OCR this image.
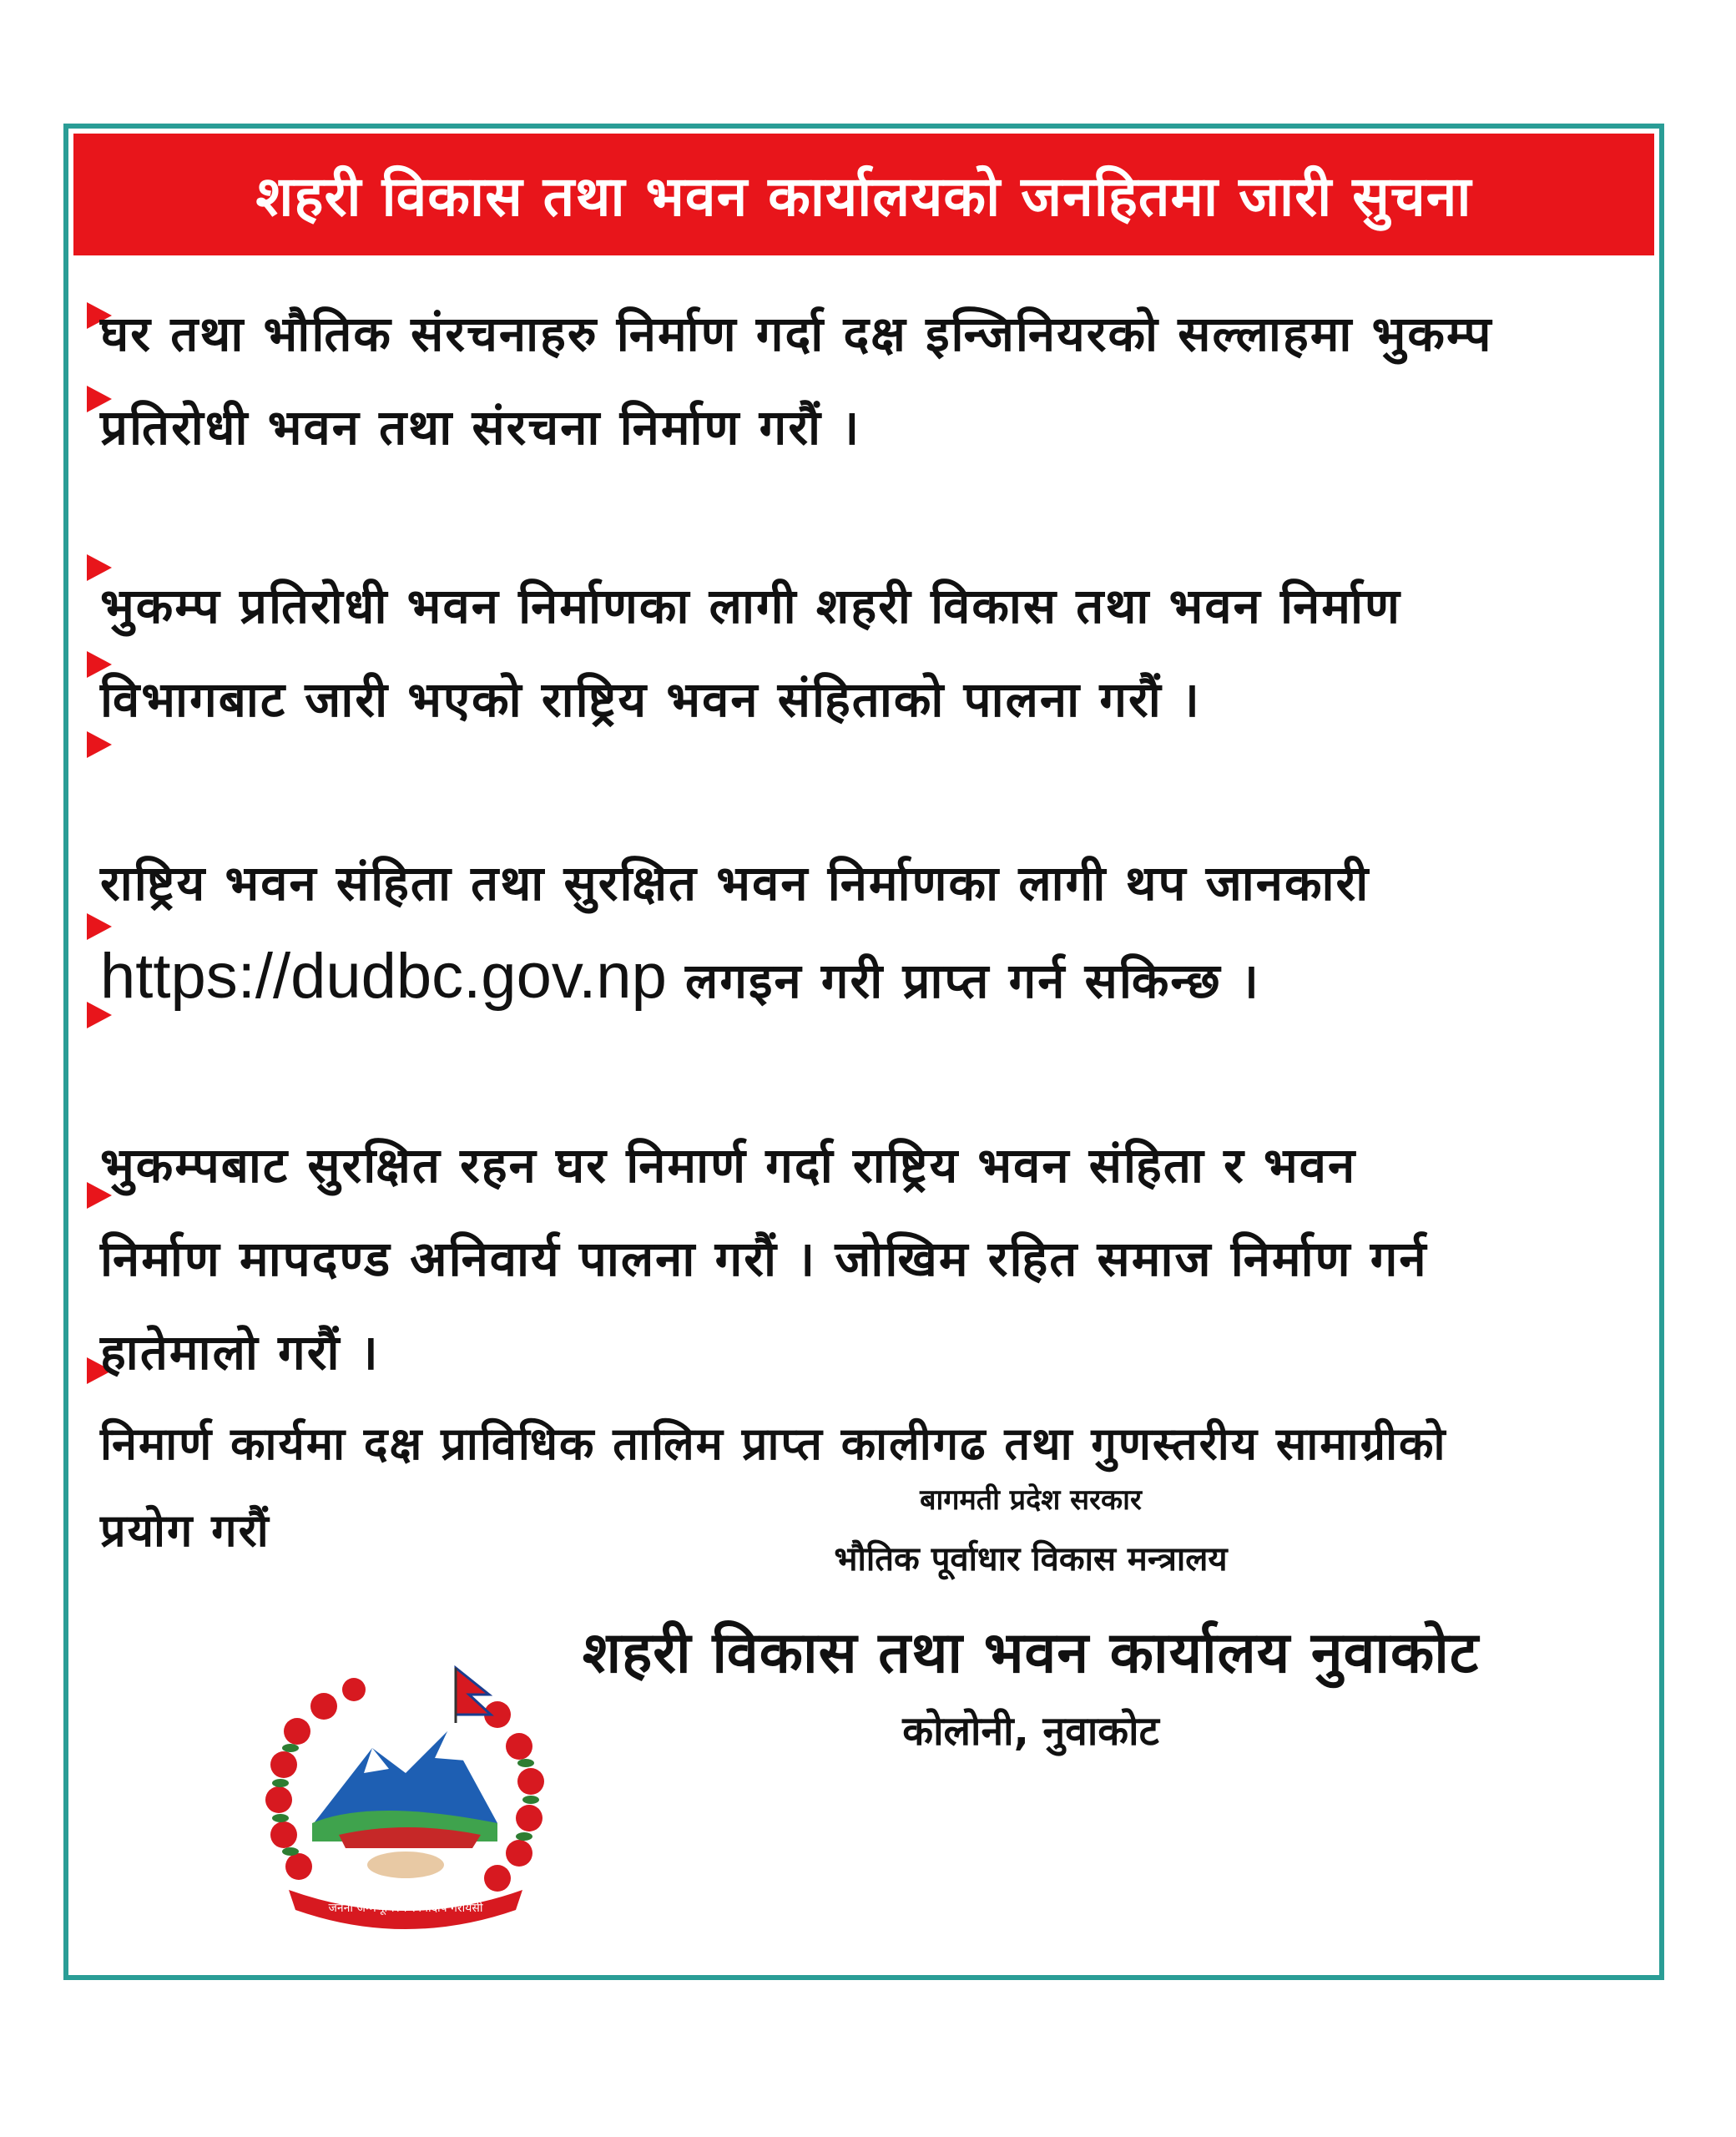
शहरी विकास तथा भवन कार्यालयको जनहितमा जारी सुचना
घर तथा भौतिक संरचनाहरु निर्माण गर्दा दक्ष इन्जिनियरको सल्लाहमा भुकम्प
प्रतिरोधी भवन तथा संरचना निर्माण गरौं ।
भुकम्प प्रतिरोधी भवन निर्माणका लागी शहरी विकास तथा भवन निर्माण
विभागबाट जारी भएको राष्ट्रिय भवन संहिताको पालना गरौं ।
राष्ट्रिय भवन संहिता तथा सुरक्षित भवन निर्माणका लागी थप जानकारी
https://dudbc.gov.np लगइन गरी प्राप्त गर्न सकिन्छ ।
भुकम्पबाट सुरक्षित रहन घर निमार्ण गर्दा राष्ट्रिय भवन संहिता र भवन
निर्माण मापदण्ड अनिवार्य पालना गरौं । जोखिम रहित समाज निर्माण गर्न
हातेमालो गरौं ।
निमार्ण कार्यमा दक्ष प्राविधिक तालिम प्राप्त कालीगढ तथा गुणस्तरीय सामाग्रीको
प्रयोग गरौं
जननी जन्मभूमिश्च स्वर्गादपि गरीयसी
बागमती प्रदेश सरकार
भौतिक पूर्वाधार विकास मन्त्रालय
शहरी विकास तथा भवन कार्यालय नुवाकोट
कोलोनी, नुवाकोट
